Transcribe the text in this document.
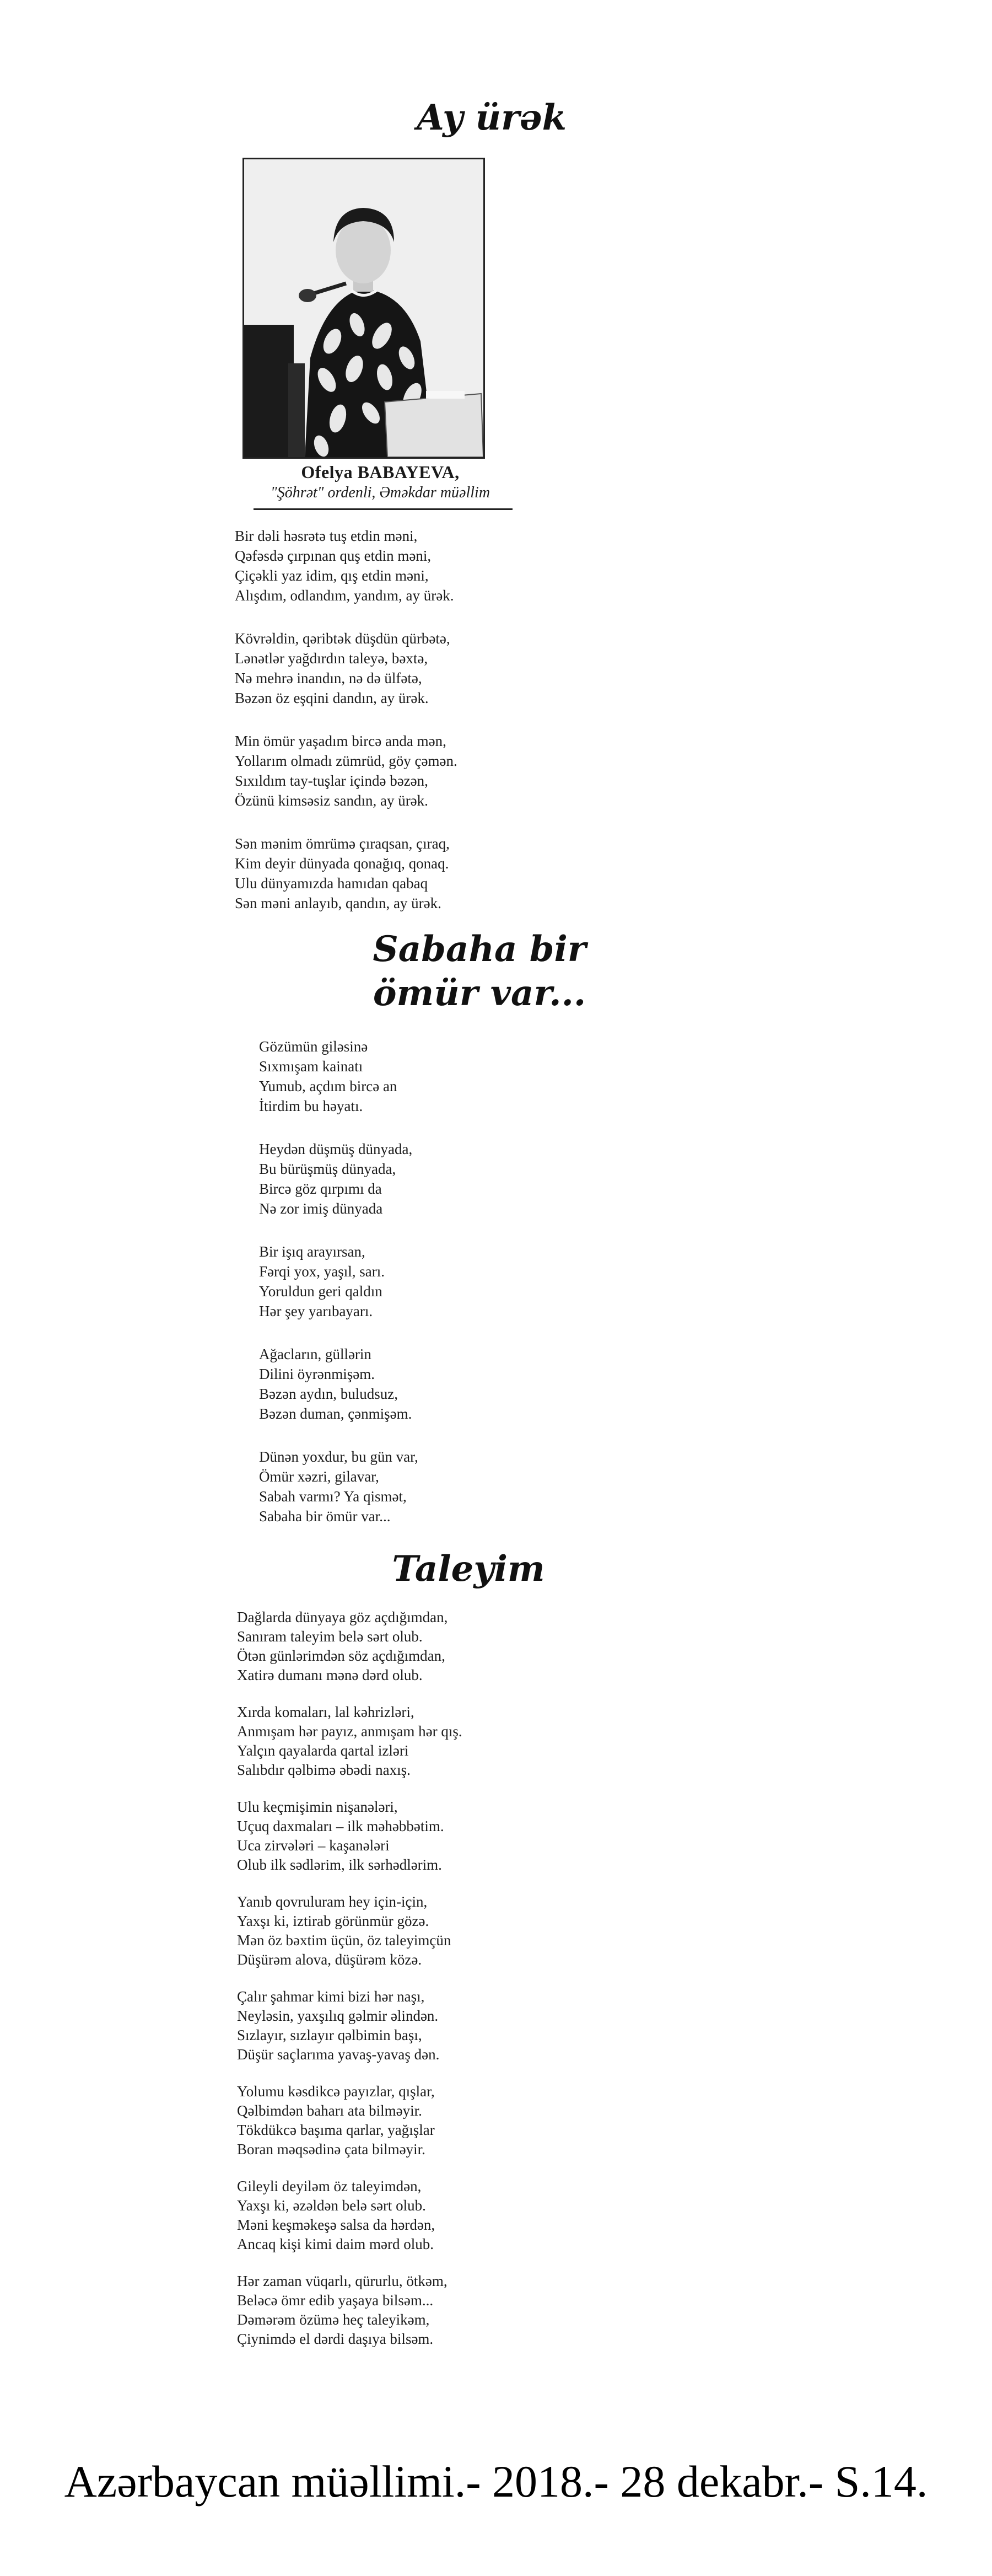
Ay ürək
Ofelya BABAYEVA,
"Şöhrət" ordenli, Əməkdar müəllim
Bir dəli həsrətə tuş etdin məni,
Qəfəsdə çırpınan quş etdin məni,
Çiçəkli yaz idim, qış etdin məni,
Alışdım, odlandım, yandım, ay ürək.
Kövrəldin, qəribtək düşdün qürbətə,
Lənətlər yağdırdın taleyə, bəxtə,
Nə mehrə inandın, nə də ülfətə,
Bəzən öz eşqini dandın, ay ürək.
Min ömür yaşadım bircə anda mən,
Yollarım olmadı zümrüd, göy çəmən.
Sıxıldım tay-tuşlar içində bəzən,
Özünü kimsəsiz sandın, ay ürək.
Sən mənim ömrümə çıraqsan, çıraq,
Kim deyir dünyada qonağıq, qonaq.
Ulu dünyamızda hamıdan qabaq
Sən məni anlayıb, qandın, ay ürək.
Sabaha bir
ömür var...
Gözümün giləsinə
Sıxmışam kainatı
Yumub, açdım bircə an
İtirdim bu həyatı.
Heydən düşmüş dünyada,
Bu bürüşmüş dünyada,
Bircə göz qırpımı da
Nə zor imiş dünyada
Bir işıq arayırsan,
Fərqi yox, yaşıl, sarı.
Yoruldun geri qaldın
Hər şey yarıbayarı.
Ağacların, güllərin
Dilini öyrənmişəm.
Bəzən aydın, buludsuz,
Bəzən duman, çənmişəm.
Dünən yoxdur, bu gün var,
Ömür xəzri, gilavar,
Sabah varmı? Ya qismət,
Sabaha bir ömür var...
Taleyim
Dağlarda dünyaya göz açdığımdan,
Sanıram taleyim belə sərt olub.
Ötən günlərimdən söz açdığımdan,
Xatirə dumanı mənə dərd olub.
Xırda komaları, lal kəhrizləri,
Anmışam hər payız, anmışam hər qış.
Yalçın qayalarda qartal izləri
Salıbdır qəlbimə əbədi naxış.
Ulu keçmişimin nişanələri,
Uçuq daxmaları – ilk məhəbbətim.
Uca zirvələri – kaşanələri
Olub ilk sədlərim, ilk sərhədlərim.
Yanıb qovruluram hey için-için,
Yaxşı ki, iztirab görünmür gözə.
Mən öz bəxtim üçün, öz taleyimçün
Düşürəm alova, düşürəm közə.
Çalır şahmar kimi bizi hər naşı,
Neyləsin, yaxşılıq gəlmir əlindən.
Sızlayır, sızlayır qəlbimin başı,
Düşür saçlarıma yavaş-yavaş dən.
Yolumu kəsdikcə payızlar, qışlar,
Qəlbimdən baharı ata bilməyir.
Tökdükcə başıma qarlar, yağışlar
Boran məqsədinə çata bilməyir.
Gileyli deyiləm öz taleyimdən,
Yaxşı ki, əzəldən belə sərt olub.
Məni keşməkeşə salsa da hərdən,
Ancaq kişi kimi daim mərd olub.
Hər zaman vüqarlı, qürurlu, ötkəm,
Beləcə ömr edib yaşaya bilsəm...
Dəmərəm özümə heç taleyikəm,
Çiynimdə el dərdi daşıya bilsəm.
Azərbaycan müəllimi.- 2018.- 28 dekabr.- S.14.
